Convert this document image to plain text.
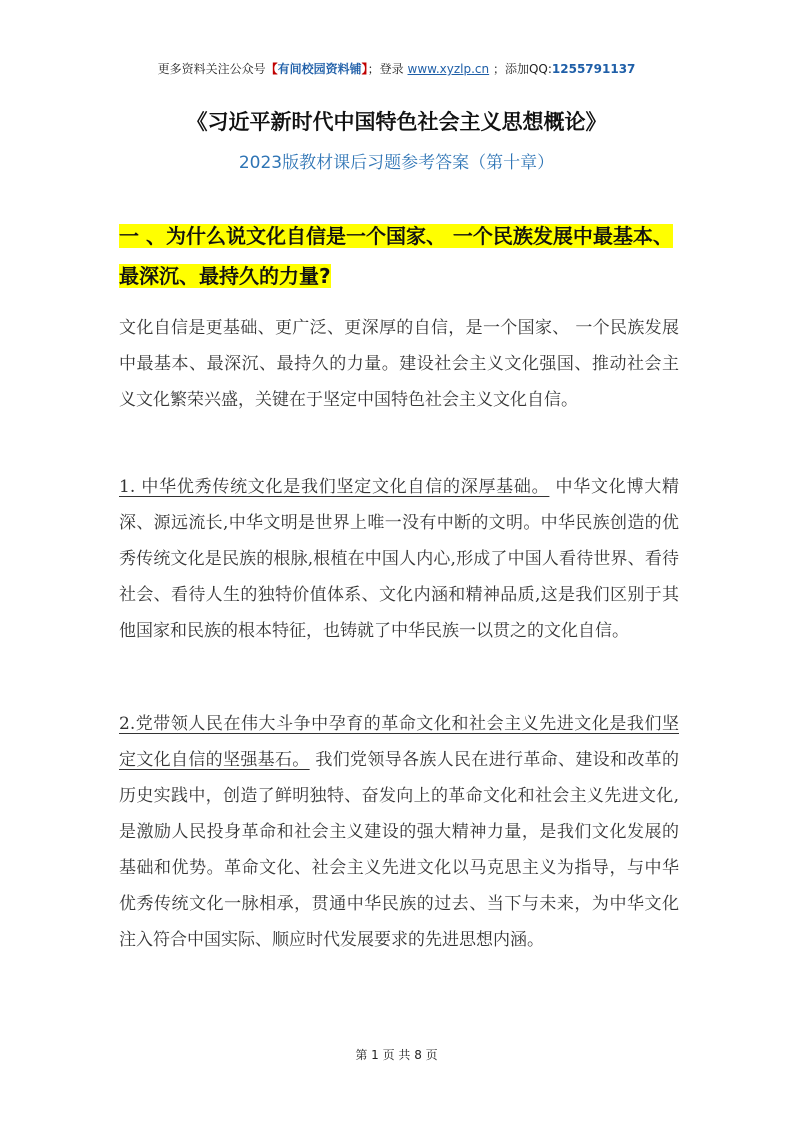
更多资料关注公众号【有间校园资料铺】；登录 www.xyzlp.cn ；添加QQ:1255791137
《习近平新时代中国特色社会主义思想概论》
2023版教材课后习题参考答案（第十章）
一 、为什么说文化自信是一个国家、 一个民族发展中最基本、最深沉、最持久的力量?
文化自信是更基础、更广泛、更深厚的自信，是一个国家、 一个民族发展中最基本、最深沉、最持久的力量。建设社会主义文化强国、推动社会主义文化繁荣兴盛，关键在于坚定中国特色社会主义文化自信。
1. 中华优秀传统文化是我们坚定文化自信的深厚基础。 中华文化博大精深、源远流长,中华文明是世界上唯一没有中断的文明。中华民族创造的优秀传统文化是民族的根脉,根植在中国人内心,形成了中国人看待世界、看待社会、看待人生的独特价值体系、文化内涵和精神品质,这是我们区别于其他国家和民族的根本特征，也铸就了中华民族一以贯之的文化自信。
2.党带领人民在伟大斗争中孕育的革命文化和社会主义先进文化是我们坚定文化自信的坚强基石。 我们党领导各族人民在进行革命、建设和改革的历史实践中，创造了鲜明独特、奋发向上的革命文化和社会主义先进文化,是激励人民投身革命和社会主义建设的强大精神力量，是我们文化发展的基础和优势。革命文化、社会主义先进文化以马克思主义为指导，与中华优秀传统文化一脉相承，贯通中华民族的过去、当下与未来，为中华文化注入符合中国实际、顺应时代发展要求的先进思想内涵。
第 1 页 共 8 页
